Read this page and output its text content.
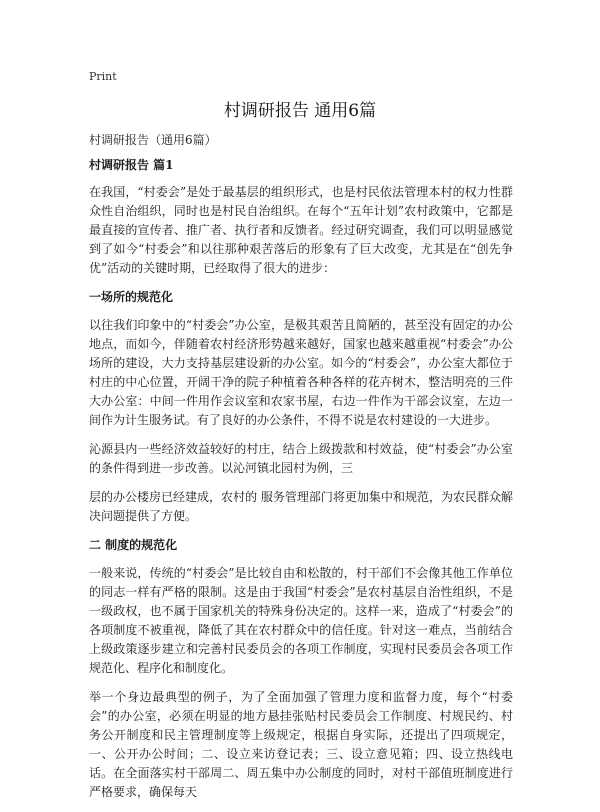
Print
村调研报告 通用6篇
村调研报告（通用6篇）
村调研报告 篇1

在我国，“村委会”是处于最基层的组织形式，也是村民依法管理本村的权力性群众性自治组织，同时也是村民自治组织。在每个“五年计划”农村政策中，它都是最直接的宣传者、推广者、执行者和反馈者。经过研究调查，我们可以明显感觉到了如今“村委会”和以往那种艰苦落后的形象有了巨大改变，尤其是在“创先争优”活动的关键时期，已经取得了很大的进步：

一场所的规范化

以往我们印象中的“村委会”办公室，是极其艰苦且简陋的，甚至没有固定的办公地点，而如今，伴随着农村经济形势越来越好，国家也越来越重视“村委会”办公场所的建设，大力支持基层建设新的办公室。如今的“村委会”，办公室大都位于村庄的中心位置，开阔干净的院子种植着各种各样的花卉树木，整洁明亮的三件大办公室：中间一件用作会议室和农家书屋，右边一件作为干部会议室，左边一间作为计生服务试。有了良好的办公条件，不得不说是农村建设的一大进步。

沁源县内一些经济效益较好的村庄，结合上级拨款和村效益，使“村委会”办公室的条件得到进一步改善。以沁河镇北园村为例，三

层的办公楼房已经建成，农村的 服务管理部门将更加集中和规范，为农民群众解决问题提供了方便。

二 制度的规范化

一般来说，传统的“村委会”是比较自由和松散的，村干部们不会像其他工作单位的同志一样有严格的限制。这是由于我国“村委会”是农村基层自治性组织，不是一级政权，也不属于国家机关的特殊身份决定的。这样一来，造成了“村委会”的各项制度不被重视，降低了其在农村群众中的信任度。针对这一难点，当前结合上级政策逐步建立和完善村民委员会的各项工作制度，实现村民委员会各项工作规范化、程序化和制度化。

举一个身边最典型的例子，为了全面加强了管理力度和监督力度，每个“村委会”的办公室，必须在明显的地方悬挂张贴村民委员会工作制度、村规民约、村务公开制度和民主管理制度等上级规定，根据自身实际，还提出了四项规定，一、公开办公时间；二、设立来访登记表；三、设立意见箱；四、设立热线电话。在全面落实村干部周二、周五集中办公制度的同时，对村干部值班制度进行严格要求，确保每天
